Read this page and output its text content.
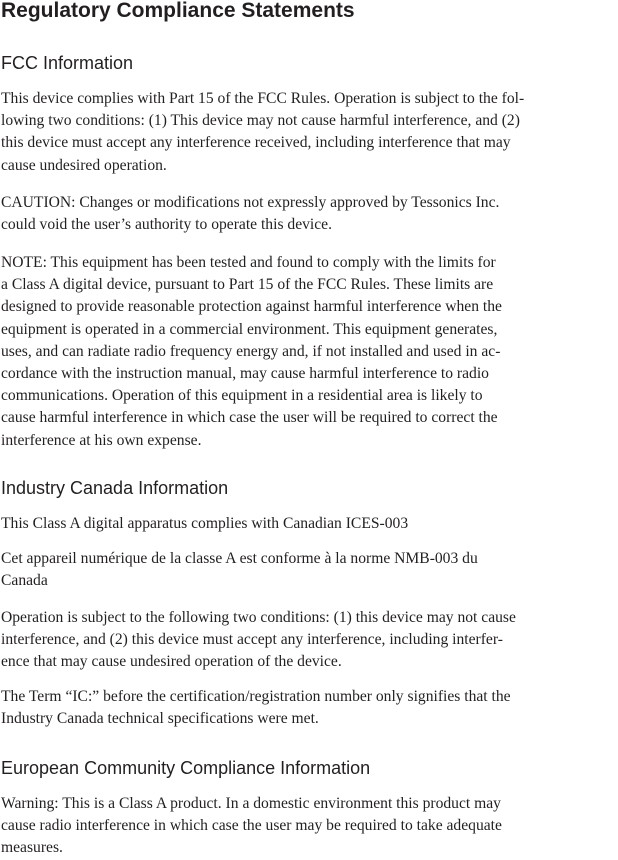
Regulatory Compliance Statements
FCC Information

This device complies with Part 15 of the FCC Rules. Operation is subject to the fol-
lowing two conditions: (1) This device may not cause harmful interference, and (2)
this device must accept any interference received, including interference that may
cause undesired operation.

CAUTION: Changes or modifications not expressly approved by Tessonics Inc.
could void the user’s authority to operate this device.

NOTE: This equipment has been tested and found to comply with the limits for
a Class A digital device, pursuant to Part 15 of the FCC Rules. These limits are
designed to provide reasonable protection against harmful interference when the
equipment is operated in a commercial environment. This equipment generates,
uses, and can radiate radio frequency energy and, if not installed and used in ac-
cordance with the instruction manual, may cause harmful interference to radio
communications. Operation of this equipment in a residential area is likely to
cause harmful interference in which case the user will be required to correct the
interference at his own expense.

Industry Canada Information

This Class A digital apparatus complies with Canadian ICES-003

Cet appareil numérique de la classe A est conforme à la norme NMB-003 du
Canada

Operation is subject to the following two conditions: (1) this device may not cause
interference, and (2) this device must accept any interference, including interfer-
ence that may cause undesired operation of the device.

The Term “IC:” before the certification/registration number only signifies that the
Industry Canada technical specifications were met.

European Community Compliance Information

Warning: This is a Class A product. In a domestic environment this product may
cause radio interference in which case the user may be required to take adequate
measures.
